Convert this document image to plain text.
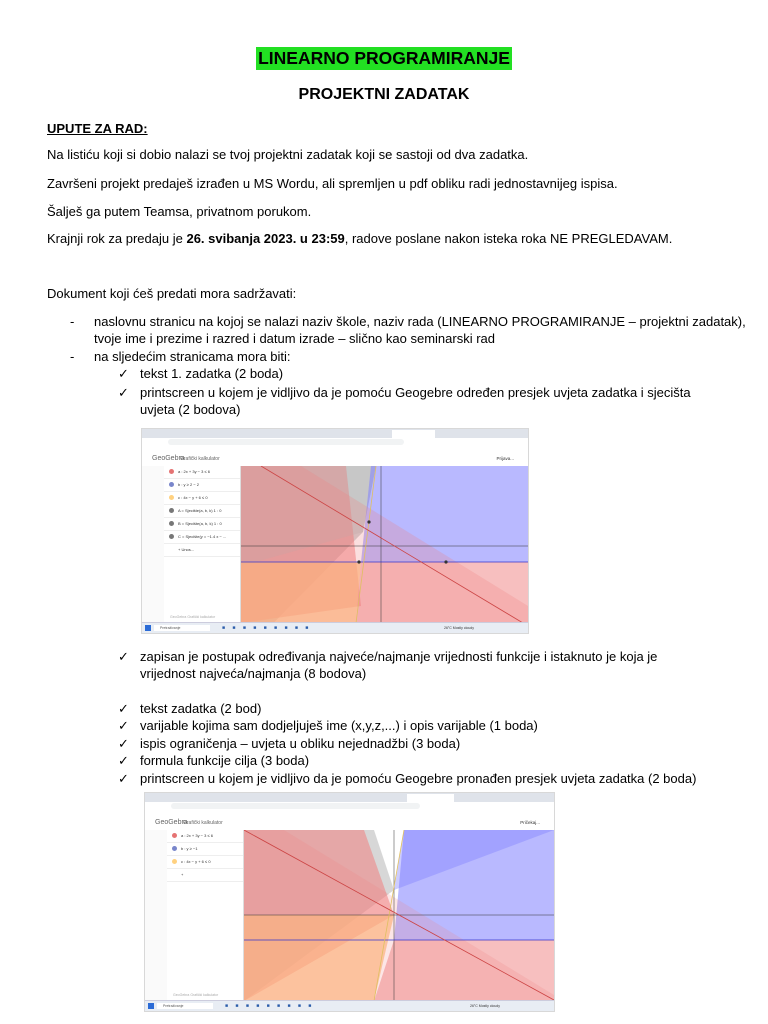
LINEARNO PROGRAMIRANJE
PROJEKTNI ZADATAK
UPUTE ZA RAD:
Na listiću koji si dobio nalazi se tvoj projektni zadatak koji se sastoji od dva zadatka.
Završeni projekt predaješ izrađen u MS Wordu, ali spremljen u pdf obliku radi jednostavnijeg ispisa.
Šalješ ga putem Teamsa, privatnom porukom.
Krajnji rok za predaju je 26. svibanja 2023. u 23:59, radove poslane nakon isteka roka NE PREGLEDAVAM.
Dokument koji ćeš predati mora sadržavati:
- naslovnu stranicu na kojoj se nalazi naziv škole, naziv rada (LINEARNO PROGRAMIRANJE – projektni zadatak),
tvoje ime i prezime i razred i datum izrade – slično kao seminarski rad
- na sljedećim stranicama mora biti:
✓ tekst 1. zadatka (2 boda)
✓ printscreen u kojem je vidljivo da je pomoću Geogebre određen presjek uvjeta zadatka i sjecišta
uvjeta (2 bodova)
GeoGebra
Grafički kalkulator	Prijava...
a : 2x + 3y − 3 ≤ 6
b : y ≥ 2 − 2
c : 4x − y + 6 ≤ 0
A = Sjecište(a, b, k) 1 : 0
B = Sjecište(a, b, k) 1 : 0
C = Sjecište(y = −1.4 x − ...
+ Unos...
GeoGebra Grafički kalkulator
Pretraživanje	■ ■ ■ ■ ■ ■ ■ ■ ■	26°C Mostly cloudy
✓ zapisan je postupak određivanja najveće/najmanje vrijednosti funkcije i istaknuto je koja je
vrijednost najveća/najmanja (8 bodova)
✓ tekst zadatka (2 bod)
✓ varijable kojima sam dodjeljuješ ime (x,y,z,...) i opis varijable (1 boda)
✓ ispis ograničenja – uvjeta u obliku nejednadžbi (3 boda)
✓ formula funkcije cilja (3 boda)
✓ printscreen u kojem je vidljivo da je pomoću Geogebre pronađen presjek uvjeta zadatka (2 boda)
GeoGebra
Grafički kalkulator	Pričekaj...
a : 2x + 3y − 3 ≤ 6
b : y ≥ −1
c : 4x − y + 6 ≤ 0
+
GeoGebra Grafički kalkulator
Pretraživanje	■ ■ ■ ■ ■ ■ ■ ■ ■	26°C Mostly cloudy
